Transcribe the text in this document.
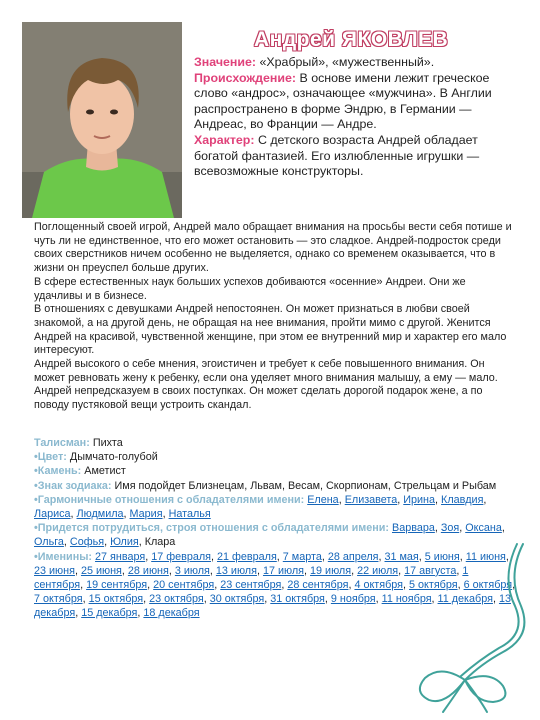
Андрей ЯКОВЛЕВ
Значение: «Храбрый», «мужественный».
Происхождение: В основе имени лежит греческое слово «андрос», означающее «мужчина». В Англии распространено в форме Эндрю, в Германии — Андреас, во Франции — Андре.
Характер: С детского возраста Андрей обладает богатой фантазией. Его излюбленные игрушки — всевозможные конструкторы.

Поглощенный своей игрой, Андрей мало обращает внимания на просьбы вести себя потише и чуть ли не единственное, что его может остановить — это сладкое. Андрей-подросток среди своих сверстников ничем особенно не выделяется, однако со временем оказывается, что в жизни он преуспел больше других.

В сфере естественных наук большиx успехов добиваются «осенние» Андреи. Они же удачливы и в бизнесе.

В отношениях с девушками Андрей непостоянен. Он может признаться в любви своей знакомой, а на другой день, не обращая на нее внимания, пройти мимо с другой. Женится Андрей на красивой, чувственной женщине, при этом ее внутренний мир и характер его мало интересуют.

Андрей высокого о себе мнения, эгоистичен и требует к себе повышенного внимания. Он может ревновать жену к ребенку, если она уделяет много внимания малышу, а ему — мало. Андрей непредсказуем в своих поступках. Он может сделать дорогой подарок жене, а по поводу пустяковой вещи устроить скандал.

Талисман: Пихта
•Цвет: Дымчато-голубой
•Камень: Аметист
•Знак зодиака: Имя подойдет Близнецам, Львам, Весам, Скорпионам, Стрельцам и Рыбам
•Гармоничные отношения с обладателями имени: Елена, Елизавета, Ирина, Клавдия, Лариса, Людмила, Мария, Наталья
•Придется потрудиться, строя отношения с обладателями имени: Варвара, Зоя, Оксана, Ольга, Софья, Юлия, Клара
•Именины: 27 января, 17 февраля, 21 февраля, 7 марта, 28 апреля, 31 мая, 5 июня, 11 июня, 23 июня, 25 июня, 28 июня, 3 июля, 13 июля, 17 июля, 19 июля, 22 июля, 17 августа, 1 сентября, 19 сентября, 20 сентября, 23 сентября, 28 сентября, 4 октября, 5 октября, 6 октября, 7 октября, 15 октября, 23 октября, 30 октября, 31 октября, 9 ноября, 11 ноября, 11 декабря, 13 декабря, 15 декабря, 18 декабря
